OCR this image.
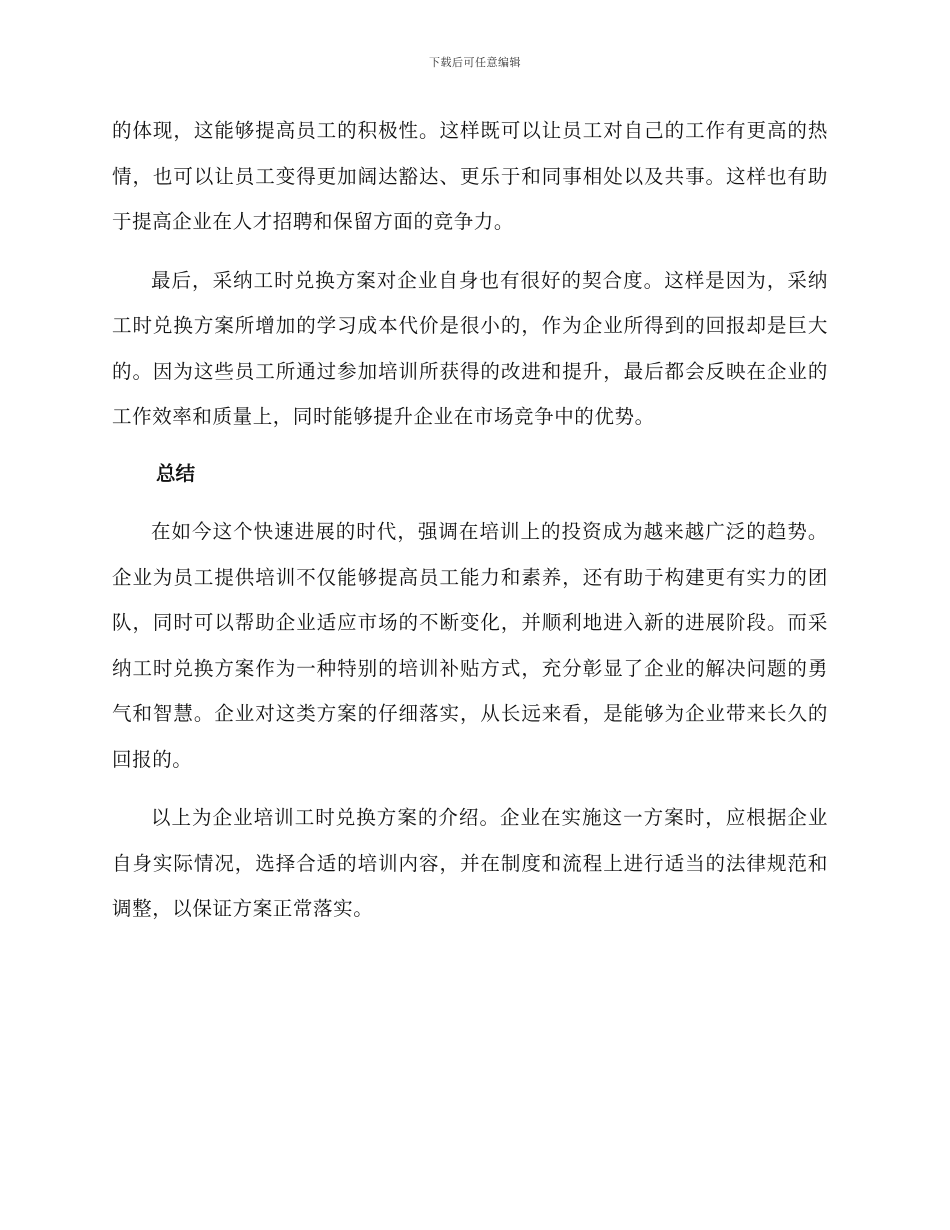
下载后可任意编辑

的体现，这能够提高员工的积极性。这样既可以让员工对自己的工作有更高的热情，也可以让员工变得更加阔达豁达、更乐于和同事相处以及共事。这样也有助于提高企业在人才招聘和保留方面的竞争力。

最后，采纳工时兑换方案对企业自身也有很好的契合度。这样是因为，采纳工时兑换方案所增加的学习成本代价是很小的，作为企业所得到的回报却是巨大的。因为这些员工所通过参加培训所获得的改进和提升，最后都会反映在企业的工作效率和质量上，同时能够提升企业在市场竞争中的优势。

总结

在如今这个快速进展的时代，强调在培训上的投资成为越来越广泛的趋势。企业为员工提供培训不仅能够提高员工能力和素养，还有助于构建更有实力的团队，同时可以帮助企业适应市场的不断变化，并顺利地进入新的进展阶段。而采纳工时兑换方案作为一种特别的培训补贴方式，充分彰显了企业的解决问题的勇气和智慧。企业对这类方案的仔细落实，从长远来看，是能够为企业带来长久的回报的。

以上为企业培训工时兑换方案的介绍。企业在实施这一方案时，应根据企业自身实际情况，选择合适的培训内容，并在制度和流程上进行适当的法律规范和调整，以保证方案正常落实。
